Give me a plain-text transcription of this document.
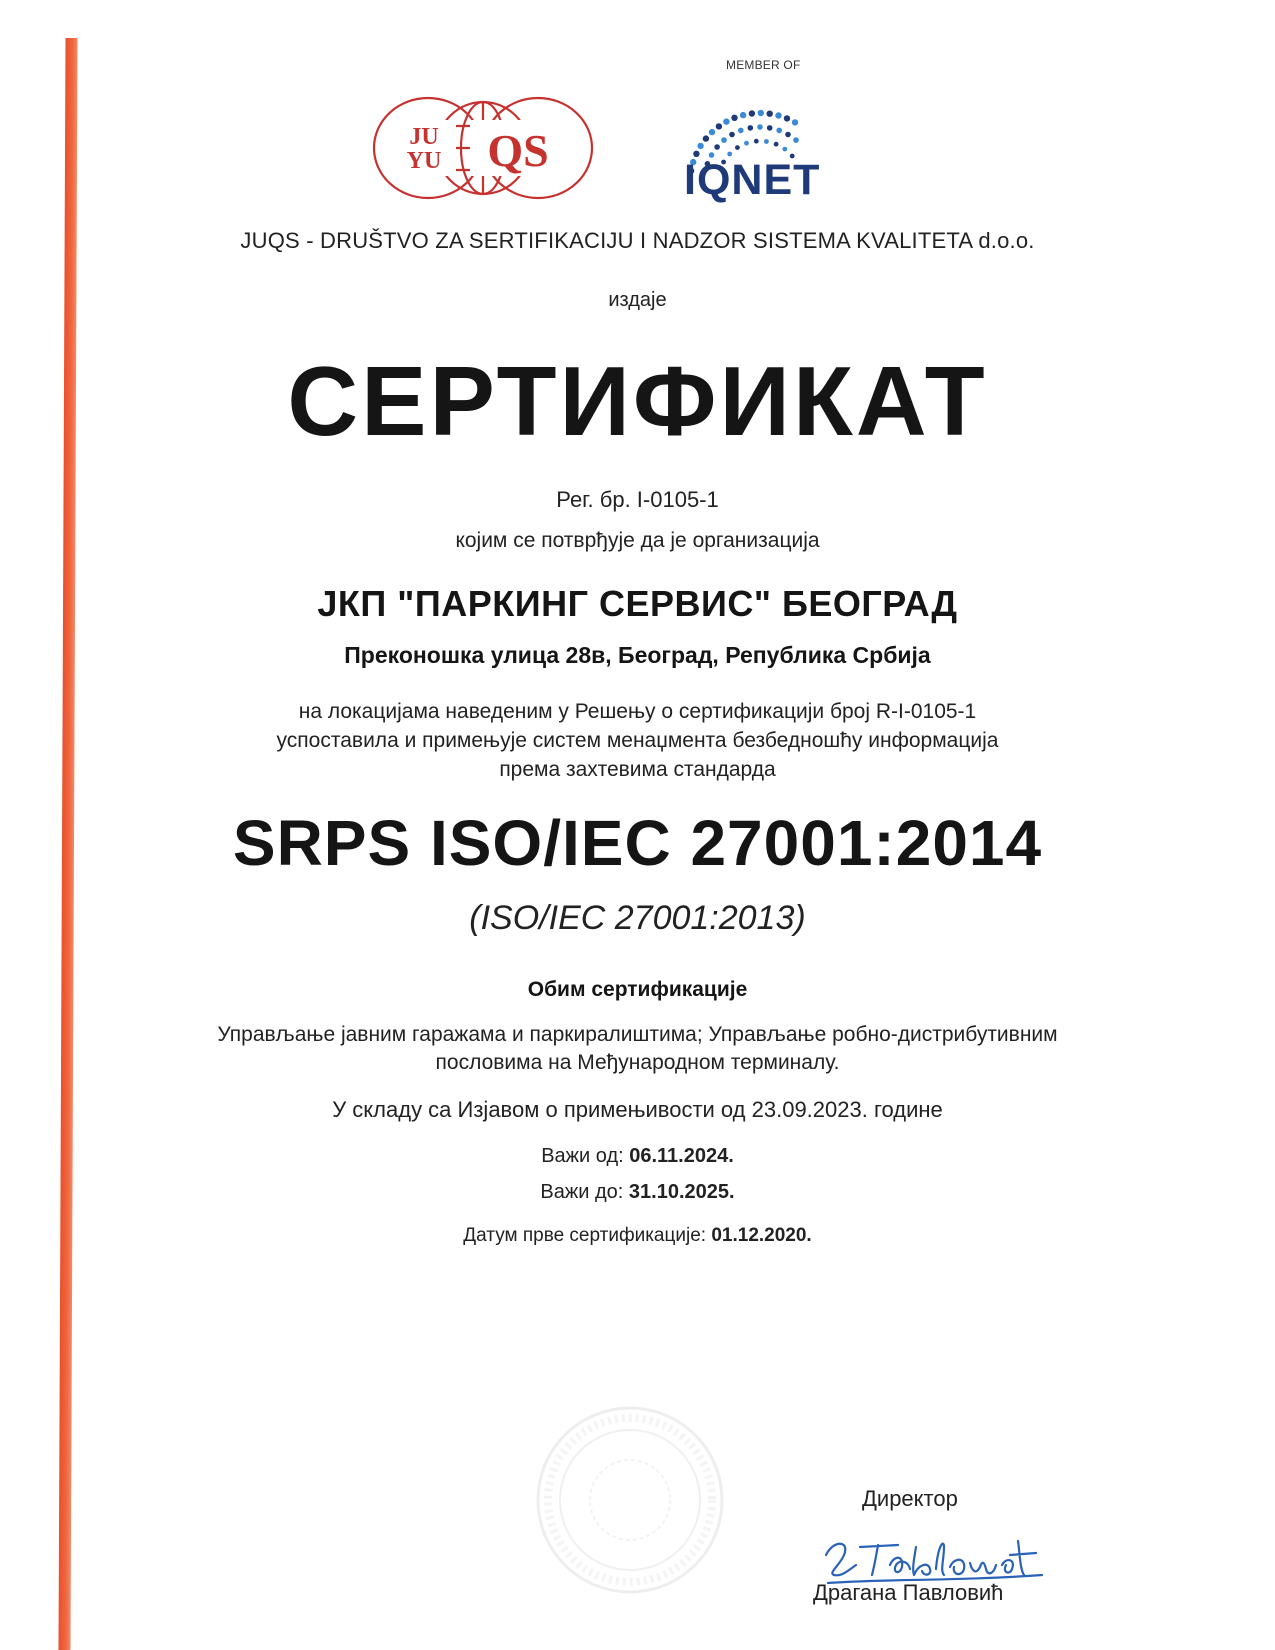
JU
YU QS
MEMBER OF
IQNET
JUQS - DRUŠTVO ZA SERTIFIKACIJU I NADZOR SISTEMA KVALITETA d.o.o.
издаје
СЕРТИФИКАТ
Рег. бр. I-0105-1
којим се потврђује да је организација
ЈКП "ПАРКИНГ СЕРВИС" БЕОГРАД
Преконошка улица 28в, Београд, Република Србија
на локацијама наведеним у Решењу о сертификацији број R-I-0105-1
успоставила и примењује систем менаџмента безбедношћу информација
према захтевима стандарда
SRPS ISO/IEC 27001:2014
(ISO/IEC 27001:2013)
Обим сертификације
Управљање јавним гаражама и паркиралиштима; Управљање робно-дистрибутивним
пословима на Међународном терминалу.
У складу са Изјавом о примењивости од 23.09.2023. године
Важи од: 06.11.2024.
Важи до: 31.10.2025.
Датум прве сертификације: 01.12.2020.
Директор
Драгана Павловић
